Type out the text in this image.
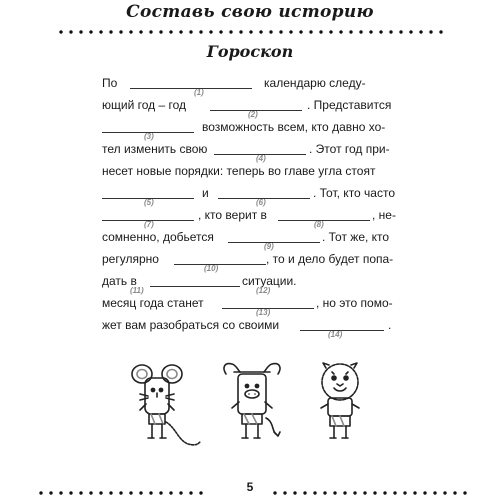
Составь свою историю
Гороскоп
По	календарю следу-
(1)
ющий год – год	. Представится
(2)
возможность всем, кто давно хо-
(3)
тел изменить свою	. Этот год при-
(4)
несет новые порядки: теперь во главе угла стоят
и	. Тот, кто часто
(5)	(6)
, кто верит в	, не-
(7)	(8)
сомненно, добьется	. Тот же, кто
(9)
регулярно	, то и дело будет попа-
(10)
дать в	ситуации.
(11)	(12)
месяц года станет	, но это помо-
(13)
жет вам разобраться со своими	.
(14)
5
